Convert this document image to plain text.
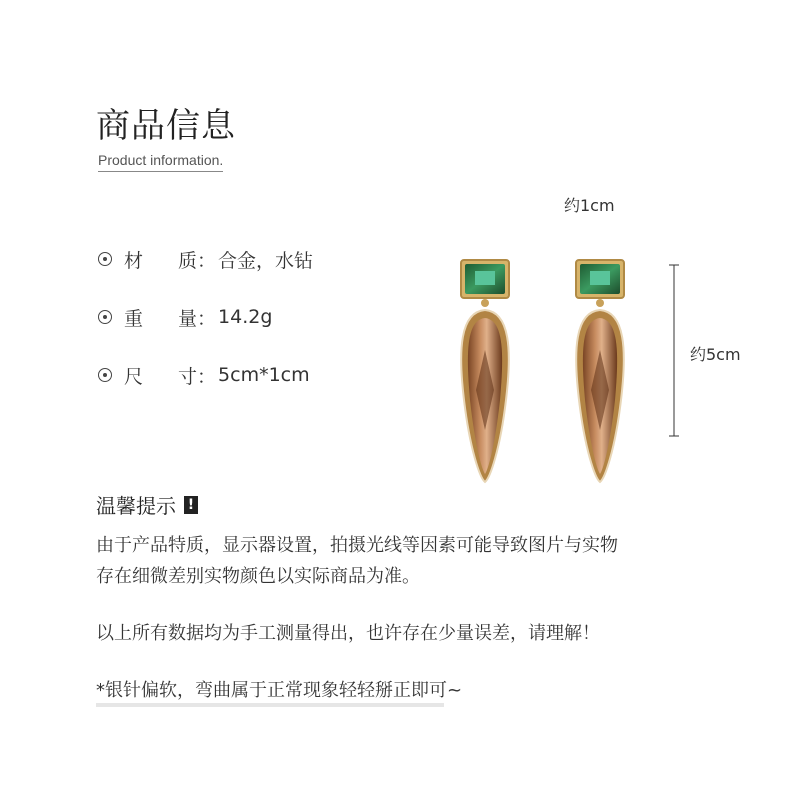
商品信息
Product information.
材	质 ： 合金，水钻
重	量 ： 14.2g
尺	寸 ： 5cm*1cm
约1cm
约5cm
温馨提示 !
由于产品特质，显示器设置，拍摄光线等因素可能导致图片与实物
存在细微差别实物颜色以实际商品为准。
以上所有数据均为手工测量得出，也许存在少量误差，请理解！
*银针偏软，弯曲属于正常现象轻轻掰正即可~
